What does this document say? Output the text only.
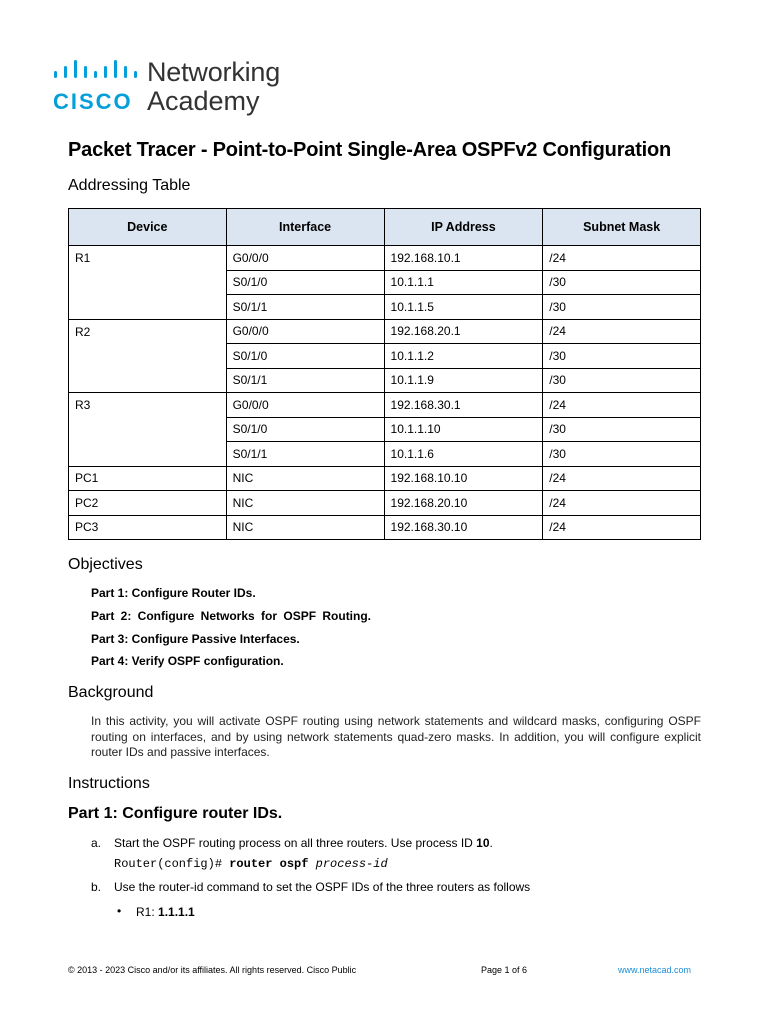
CISCO
Networking
Academy
Packet Tracer - Point-to-Point Single-Area OSPFv2 Configuration
Addressing Table
Device	Interface	IP Address	Subnet Mask
R1	G0/0/0	192.168.10.1	/24
	S0/1/0	10.1.1.1	/30
	S0/1/1	10.1.1.5	/30
R2	G0/0/0	192.168.20.1	/24
	S0/1/0	10.1.1.2	/30
	S0/1/1	10.1.1.9	/30
R3	G0/0/0	192.168.30.1	/24
	S0/1/0	10.1.1.10	/30
	S0/1/1	10.1.1.6	/30
PC1	NIC	192.168.10.10	/24
PC2	NIC	192.168.20.10	/24
PC3	NIC	192.168.30.10	/24
Objectives
Part 1: Configure Router IDs.
Part 2: Configure Networks for OSPF Routing.
Part 3: Configure Passive Interfaces.
Part 4: Verify OSPF configuration.
Background
In this activity, you will activate OSPF routing using network statements and wildcard masks, configuring OSPF routing on interfaces, and by using network statements quad-zero masks. In addition, you will configure explicit router IDs and passive interfaces.
Instructions
Part 1: Configure router IDs.
a. Start the OSPF routing process on all three routers. Use process ID 10.
Router(config)# router ospf process-id
b. Use the router-id command to set the OSPF IDs of the three routers as follows
• R1: 1.1.1.1
© 2013 - 2023 Cisco and/or its affiliates. All rights reserved. Cisco Public	Page 1 of 6	www.netacad.com
